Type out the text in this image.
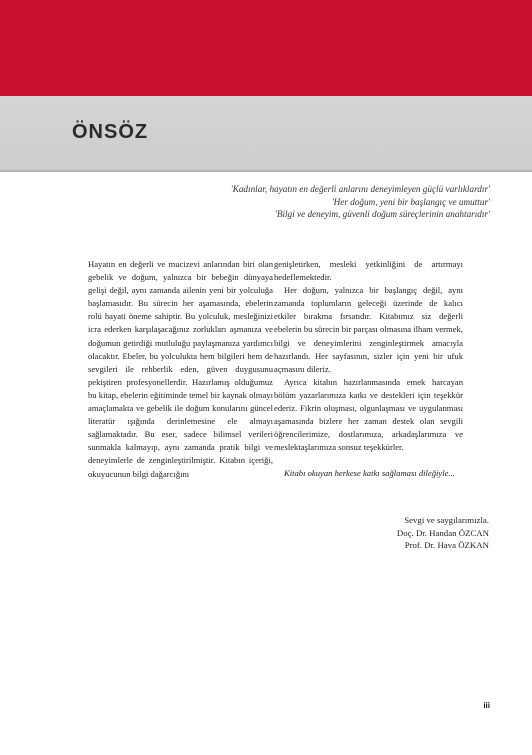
ÖNSÖZ
'Kadınlar, hayatın en değerli anlarını deneyimleyen güçlü varlıklardır'
'Her doğum, yeni bir başlangıç ve umuttur'
'Bilgi ve deneyim, güvenli doğum süreçlerinin anahtarıdır'

Hayatın en değerli ve mucizevi anlarından biri olan gebelik ve doğum, yalnızca bir bebeğin dünyaya gelişi değil, aynı zamanda ailenin yeni bir yolculuğa başlamasıdır. Bu sürecin her aşamasında, ebelerin rolü hayati öneme sahiptir. Bu yolculuk, mesleğinizi icra ederken karşılaşacağınız zorlukları aşmanıza ve doğumun getirdiği mutluluğu paylaşmanıza yardımcı olacaktır. Ebeler, bu yolculukta hem bilgileri hem de sevgileri ile rehberlik eden, güven duygusunu pekiştiren profesyonellerdir. Hazırlamış olduğumuz bu kitap, ebelerin eğitiminde temel bir kaynak olmayı amaçlamakta ve gebelik ile doğum konularını güncel literatür ışığında derinlemesine ele almayı sağlamaktadır. Bu eser, sadece bilimsel verileri sunmakla kalmayıp, aynı zamanda pratik bilgi ve deneyimlerle de zenginleştirilmiştir. Kitabın içeriği, okuyucunun bilgi dağarcığını

genişletirken, mesleki yetkinliğini de artırmayı hedeflemektedir.

Her doğum, yalnızca bir başlangıç değil, aynı zamanda toplumların geleceği üzerinde de kalıcı etkiler bırakma fırsatıdır. Kitabımız siz değerli ebelerin bu sürecin bir parçası olmasına ilham vermek, bilgi ve deneyimlerini zenginleştirmek amacıyla hazırlandı. Her sayfasının, sizler için yeni bir ufuk açmasını dileriz.

Ayrıca kitabın hazırlanmasında emek harcayan bölüm yazarlarımıza katkı ve destekleri için teşekkür ederiz. Fikrin oluşması, olgunlaşması ve uygulanması aşamasında bizlere her zaman destek olan sevgili öğrencilerimize, dostlarımıza, arkadaşlarımıza ve meslektaşlarımıza sonsuz teşekkürler.

Kitabı okuyan herkese katkı sağlaması dileğiyle...

Sevgi ve saygılarımızla.
Doç. Dr. Handan ÖZCAN
Prof. Dr. Hava ÖZKAN
iii
